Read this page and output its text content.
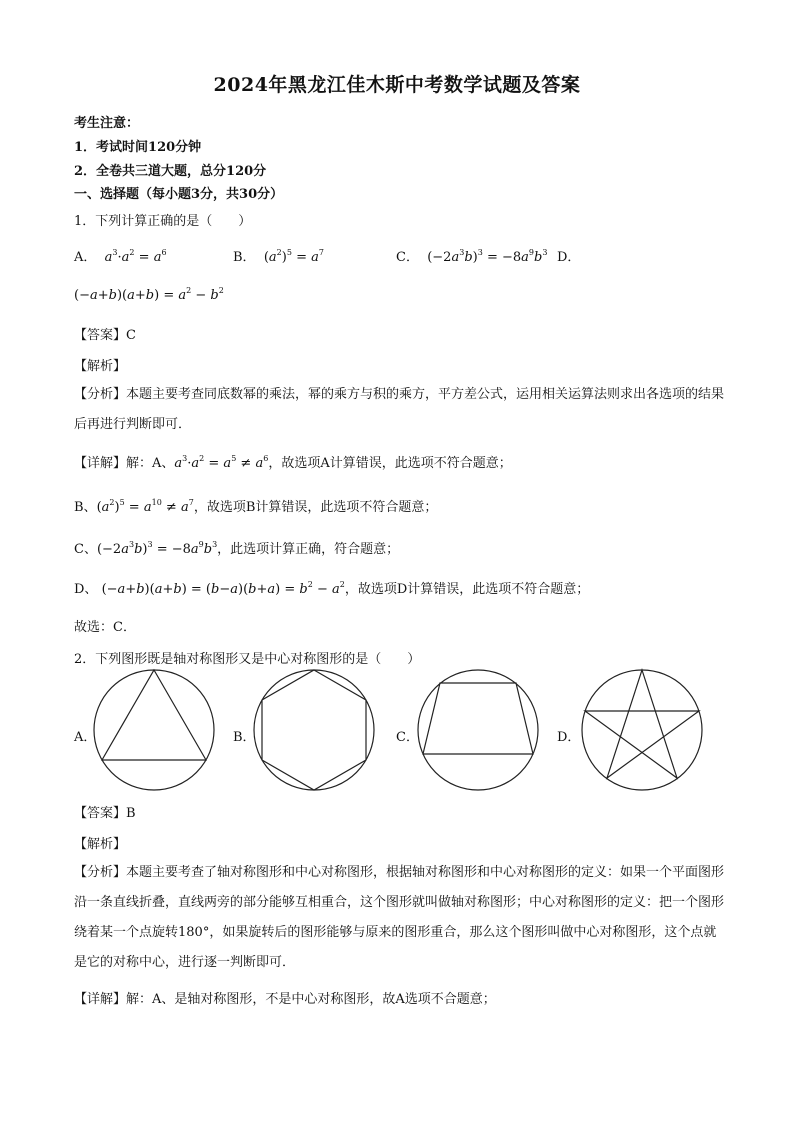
2024年黑龙江佳木斯中考数学试题及答案
考生注意：
1．考试时间120分钟
2．全卷共三道大题，总分120分
一、选择题（每小题3分，共30分）
1．下列计算正确的是（　　）
A． $a^3\cdot a^2 = a^6$	B．  $(a^2)^5 = a^7$	C．  $(-2a^3b)^3 = -8a^9b^3$ D．
$(-a+b)(a+b) = a^2 - b^2$
【答案】C
【解析】
【分析】本题主要考查同底数幂的乘法，幂的乘方与积的乘方，平方差公式，运用相关运算法则求出各选项的结果后再进行判断即可．
【详解】解：A、$a^3\cdot a^2 = a^5 \ne a^6$，故选项A计算错误，此选项不符合题意；
B、$(a^2)^5 = a^{10} \ne a^7$，故选项B计算错误，此选项不符合题意；
C、$(-2a^3b)^3 = -8a^9b^3$，此选项计算正确，符合题意；
D、 $(-a+b)(a+b) = (b-a)(b+a) = b^2 - a^2$，故选项D计算错误，此选项不符合题意；
故选：C．
2．下列图形既是轴对称图形又是中心对称图形的是（　　）
A．	B．	C．	D．
【答案】B
【解析】
【分析】本题主要考查了轴对称图形和中心对称图形，根据轴对称图形和中心对称图形的定义：如果一个平面图形沿一条直线折叠，直线两旁的部分能够互相重合，这个图形就叫做轴对称图形；中心对称图形的定义：把一个图形绕着某一个点旋转180°，如果旋转后的图形能够与原来的图形重合，那么这个图形叫做中心对称图形，这个点就是它的对称中心，进行逐一判断即可．
【详解】解：A、是轴对称图形，不是中心对称图形，故A选项不合题意；
